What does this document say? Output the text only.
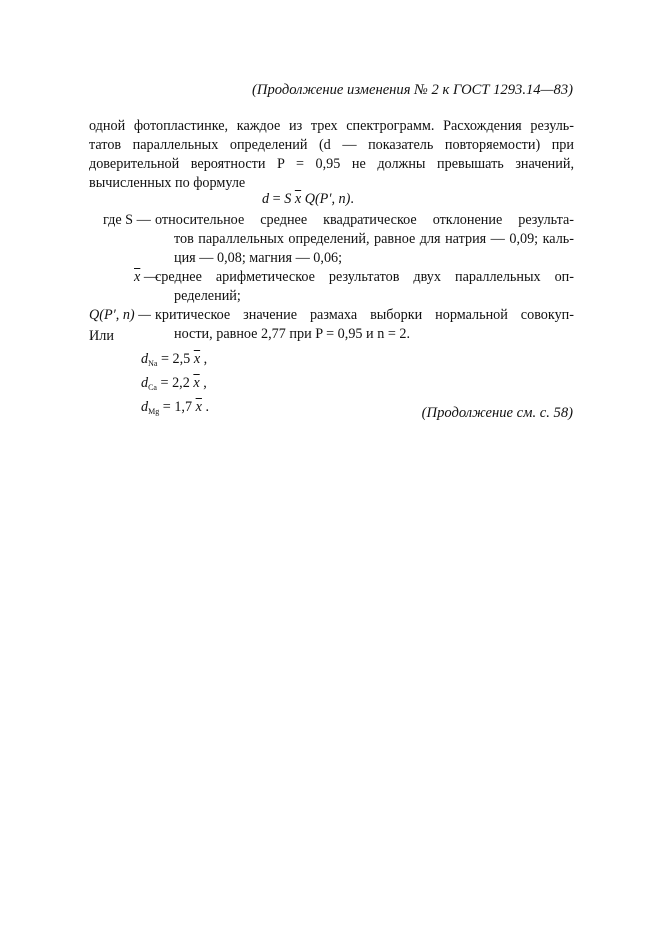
(Продолжение изменения № 2 к ГОСТ 1293.14—83)
одной фотопластинке, каждое из трех спектрограмм. Расхождения резуль-
татов параллельных определений (d — показатель повторяемости) при
доверительной вероятности P = 0,95 не должны превышать значений,
вычисленных по формуле
d = S $\overline{x}$ Q(P′, n).
где S — относительное среднее квадратическое отклонение результа-
тов параллельных определений, равное для натрия — 0,09; каль-
ция — 0,08; магния — 0,06;
$\overline{x}$ —
среднее арифметическое результатов двух параллельных оп-
ределений;
Q(P′, n) — критическое значение размаха выборки нормальной совокуп-
ности, равное 2,77 при P = 0,95 и n = 2.
Или
$d_{Na} = 2,5$ $\overline{x}$ ,
$d_{Ca} = 2,2$ $\overline{x}$ ,
$d_{Mg} = 1,7$ $\overline{x}$ .	(Продолжение см. с. 58)
